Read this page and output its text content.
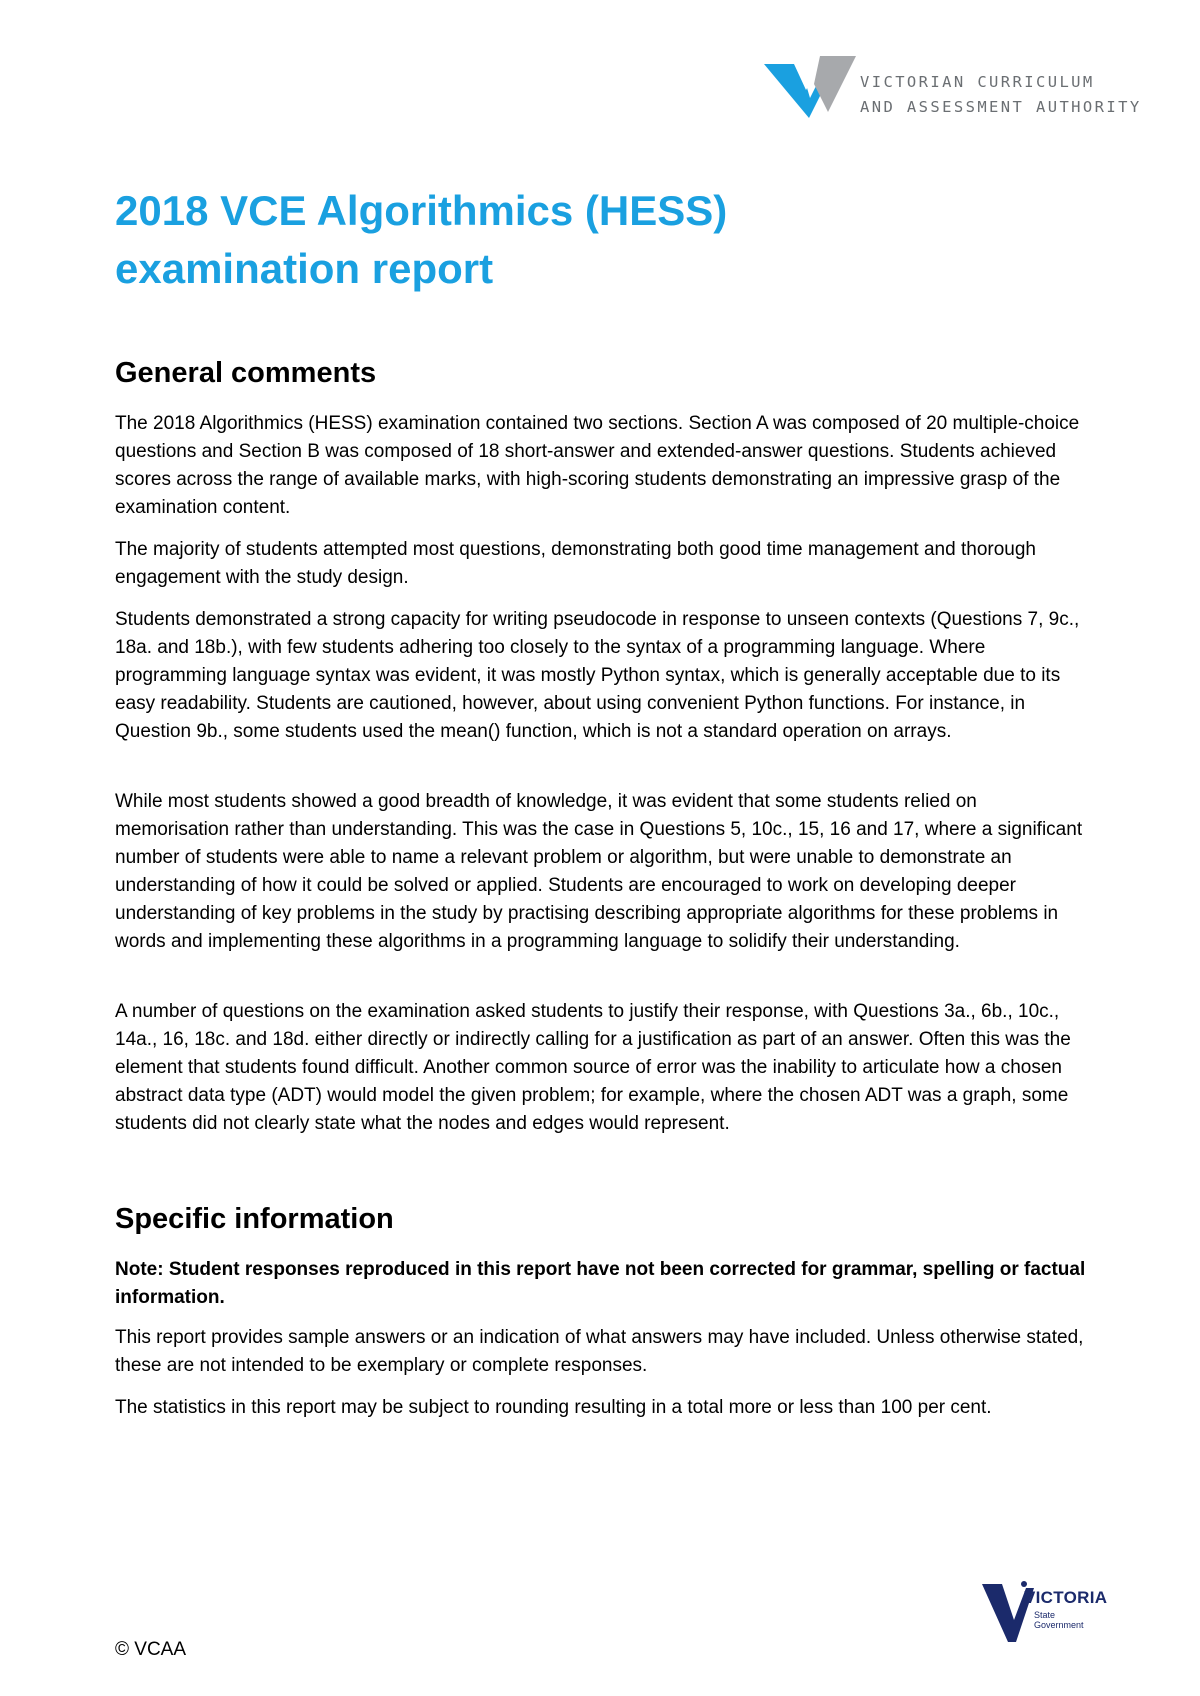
VICTORIAN CURRICULUM
AND ASSESSMENT AUTHORITY
2018 VCE Algorithmics (HESS)
examination report
General comments

The 2018 Algorithmics (HESS) examination contained two sections. Section A was composed of 20 multiple-choice questions and Section B was composed of 18 short-answer and extended-answer questions. Students achieved scores across the range of available marks, with high-scoring students demonstrating an impressive grasp of the examination content.

The majority of students attempted most questions, demonstrating both good time management and thorough engagement with the study design.

Students demonstrated a strong capacity for writing pseudocode in response to unseen contexts (Questions 7, 9c., 18a. and 18b.), with few students adhering too closely to the syntax of a programming language. Where programming language syntax was evident, it was mostly Python syntax, which is generally acceptable due to its easy readability. Students are cautioned, however, about using convenient Python functions. For instance, in Question 9b., some students used the mean() function, which is not a standard operation on arrays.

While most students showed a good breadth of knowledge, it was evident that some students relied on memorisation rather than understanding. This was the case in Questions 5, 10c., 15, 16 and 17, where a significant number of students were able to name a relevant problem or algorithm, but were unable to demonstrate an understanding of how it could be solved or applied. Students are encouraged to work on developing deeper understanding of key problems in the study by practising describing appropriate algorithms for these problems in words and implementing these algorithms in a programming language to solidify their understanding.

A number of questions on the examination asked students to justify their response, with Questions 3a., 6b., 10c., 14a., 16, 18c. and 18d. either directly or indirectly calling for a justification as part of an answer. Often this was the element that students found difficult. Another common source of error was the inability to articulate how a chosen abstract data type (ADT) would model the given problem; for example, where the chosen ADT was a graph, some students did not clearly state what the nodes and edges would represent.

Specific information

Note: Student responses reproduced in this report have not been corrected for grammar, spelling or factual information.

This report provides sample answers or an indication of what answers may have included. Unless otherwise stated, these are not intended to be exemplary or complete responses.

The statistics in this report may be subject to rounding resulting in a total more or less than 100 per cent.

© VCAA
VICTORIA
State
Government
